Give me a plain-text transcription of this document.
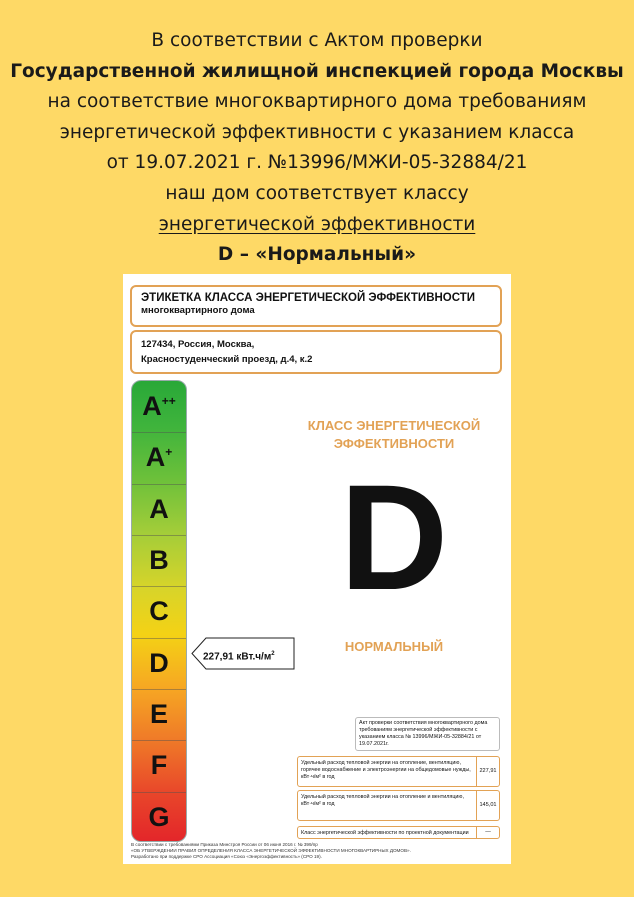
В соответствии с Актом проверки
Государственной жилищной инспекцией города Москвы
на соответствие многоквартирного дома требованиям
энергетической эффективности с указанием класса
от 19.07.2021 г. №13996/МЖИ-05-32884/21
наш дом соответствует классу
энергетической эффективности
D – «Нормальный»
ЭТИКЕТКА КЛАССА ЭНЕРГЕТИЧЕСКОЙ ЭФФЕКТИВНОСТИ
многоквартирного дома
127434, Россия, Москва,
Красностуденческий проезд, д.4, к.2
A++
A+
A
B
C
D
E
F
G
227,91 $кВт.ч/м^2$
КЛАСС ЭНЕРГЕТИЧЕСКОЙ
ЭФФЕКТИВНОСТИ
D
НОРМАЛЬНЫЙ
Акт проверки соответствия многоквартирного дома требованиям энергетической эффективности с указанием класса № 13996/МЖИ-05-32884/21 от 19.07.2021г.
Удельный расход тепловой энергии на отопление, вентиляцию, горячее водоснабжение и электроэнергии на общедомовые нужды, кВт·ч/м² в год
227,91
Удельный расход тепловой энергии на отопление и вентиляцию, кВт·ч/м² в год	145,01
Класс энергетической эффективности по проектной документации	—
В соответствии с требованиями Приказа Минстроя России от 06 июня 2016 г. № 399/пр
«ОБ УТВЕРЖДЕНИИ ПРАВИЛ ОПРЕДЕЛЕНИЯ КЛАССА ЭНЕРГЕТИЧЕСКОЙ ЭФФЕКТИВНОСТИ МНОГОКВАРТИРНЫХ ДОМОВ».
Разработано при поддержке СРО Ассоциация «Союз «Энергоэффективность» (СРО 19).
